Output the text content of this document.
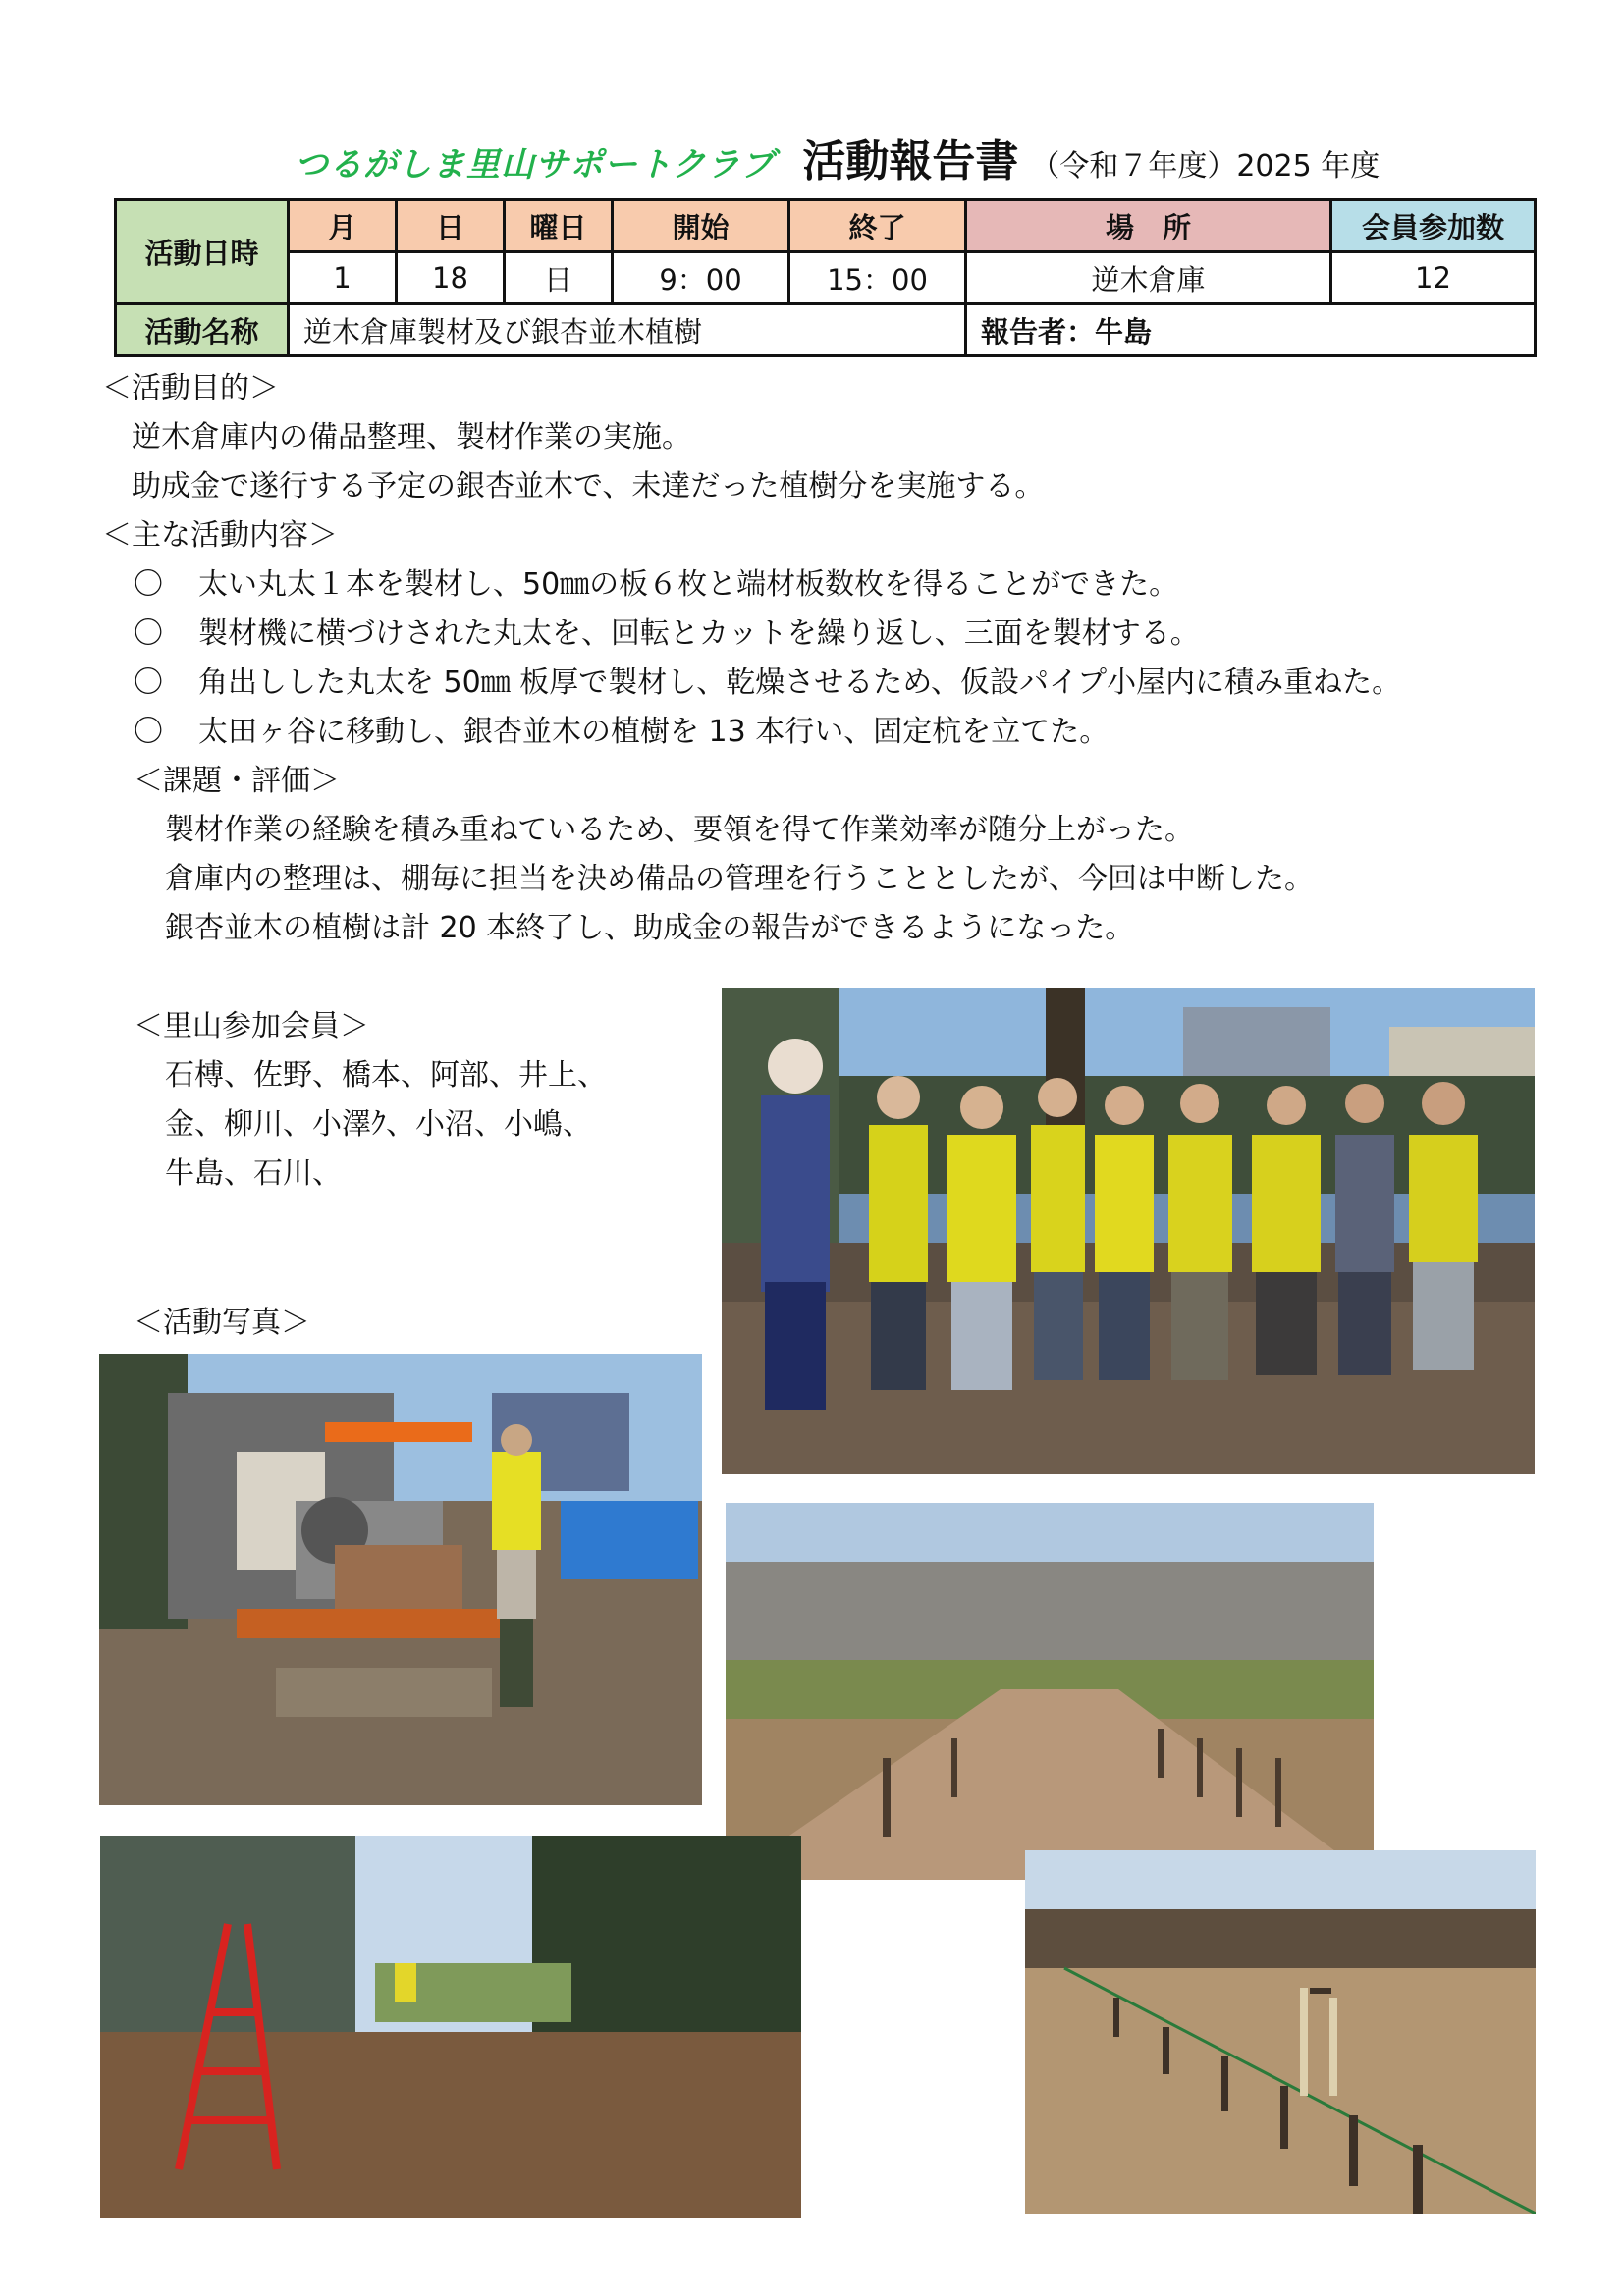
つるがしま里山サポートクラブ 活動報告書 （令和７年度）2025 年度
活動日時	月	日	曜日	開始	終了	場　所	会員参加数
	1	18	日	9：00	15：00	逆木倉庫	12
活動名称	逆木倉庫製材及び銀杏並木植樹					報告者：牛島	
＜活動目的＞
逆木倉庫内の備品整理、製材作業の実施。
助成金で遂行する予定の銀杏並木で、未達だった植樹分を実施する。
＜主な活動内容＞
〇 太い丸太１本を製材し、50㎜の板６枚と端材板数枚を得ることができた。
〇 製材機に横づけされた丸太を、回転とカットを繰り返し、三面を製材する。
〇 角出しした丸太を 50㎜ 板厚で製材し、乾燥させるため、仮設パイプ小屋内に積み重ねた。
〇 太田ヶ谷に移動し、銀杏並木の植樹を 13 本行い、固定杭を立てた。
＜課題・評価＞
製材作業の経験を積み重ねているため、要領を得て作業効率が随分上がった。
倉庫内の整理は、棚毎に担当を決め備品の管理を行うこととしたが、今回は中断した。
銀杏並木の植樹は計 20 本終了し、助成金の報告ができるようになった。
＜里山参加会員＞
石榑、佐野、橋本、阿部、井上、
金、柳川、小澤ｸ、小沼、小嶋、
牛島、石川、
＜活動写真＞
